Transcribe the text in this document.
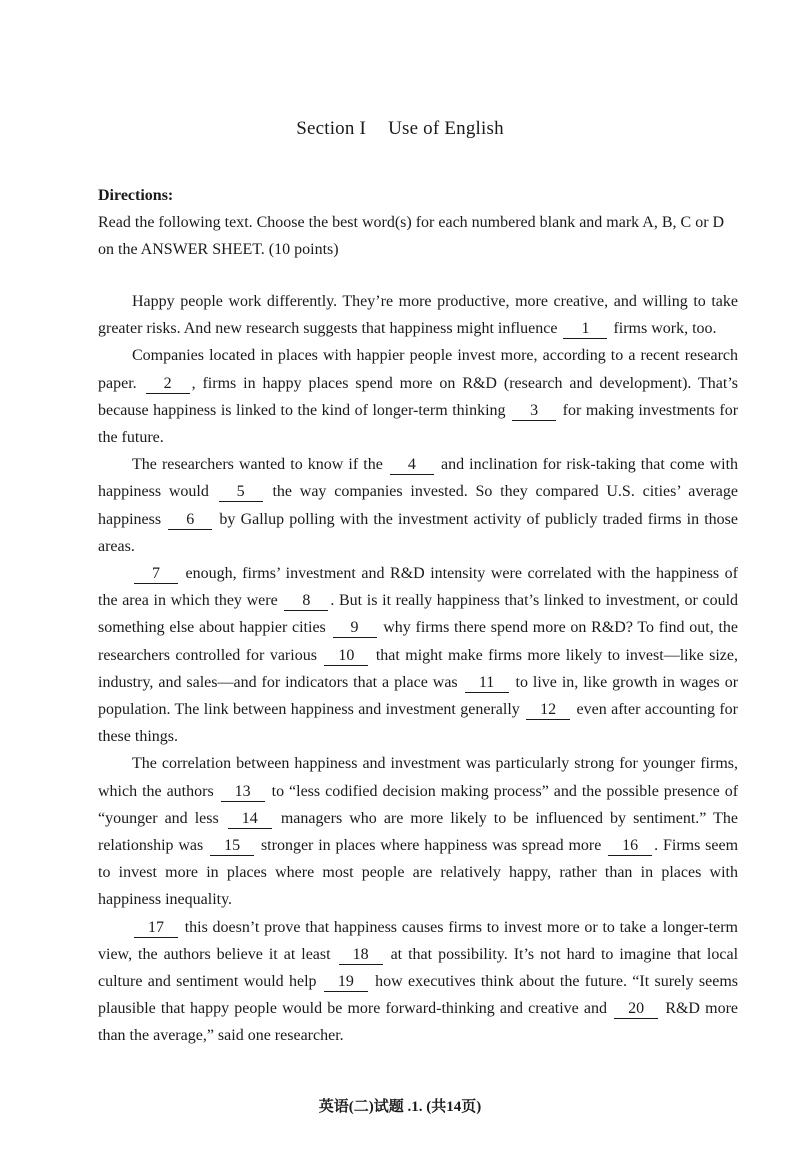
Section I Use of English
Directions:
Read the following text. Choose the best word(s) for each numbered blank and mark A, B, C or D on the ANSWER SHEET. (10 points)

Happy people work differently. They’re more productive, more creative, and willing to take greater risks. And new research suggests that happiness might influence 1 firms work, too.

Companies located in places with happier people invest more, according to a recent research paper. 2 , firms in happy places spend more on R&D (research and development). That’s because happiness is linked to the kind of longer-term thinking 3 for making investments for the future.

The researchers wanted to know if the 4 and inclination for risk-taking that come with happiness would 5 the way companies invested. So they compared U.S. cities’ average happiness 6 by Gallup polling with the investment activity of publicly traded firms in those areas.

7 enough, firms’ investment and R&D intensity were correlated with the happiness of the area in which they were 8 . But is it really happiness that’s linked to investment, or could something else about happier cities 9 why firms there spend more on R&D? To find out, the researchers controlled for various 10 that might make firms more likely to invest—like size, industry, and sales—and for indicators that a place was 11 to live in, like growth in wages or population. The link between happiness and investment generally 12 even after accounting for these things.

The correlation between happiness and investment was particularly strong for younger firms, which the authors 13 to “less codified decision making process” and the possible presence of “younger and less 14 managers who are more likely to be influenced by sentiment.” The relationship was 15 stronger in places where happiness was spread more 16 . Firms seem to invest more in places where most people are relatively happy, rather than in places with happiness inequality.

17 this doesn’t prove that happiness causes firms to invest more or to take a longer-term view, the authors believe it at least 18 at that possibility. It’s not hard to imagine that local culture and sentiment would help 19 how executives think about the future. “It surely seems plausible that happy people would be more forward-thinking and creative and 20 R&D more than the average,” said one researcher.

英语(二)试题 .1. (共14页)
